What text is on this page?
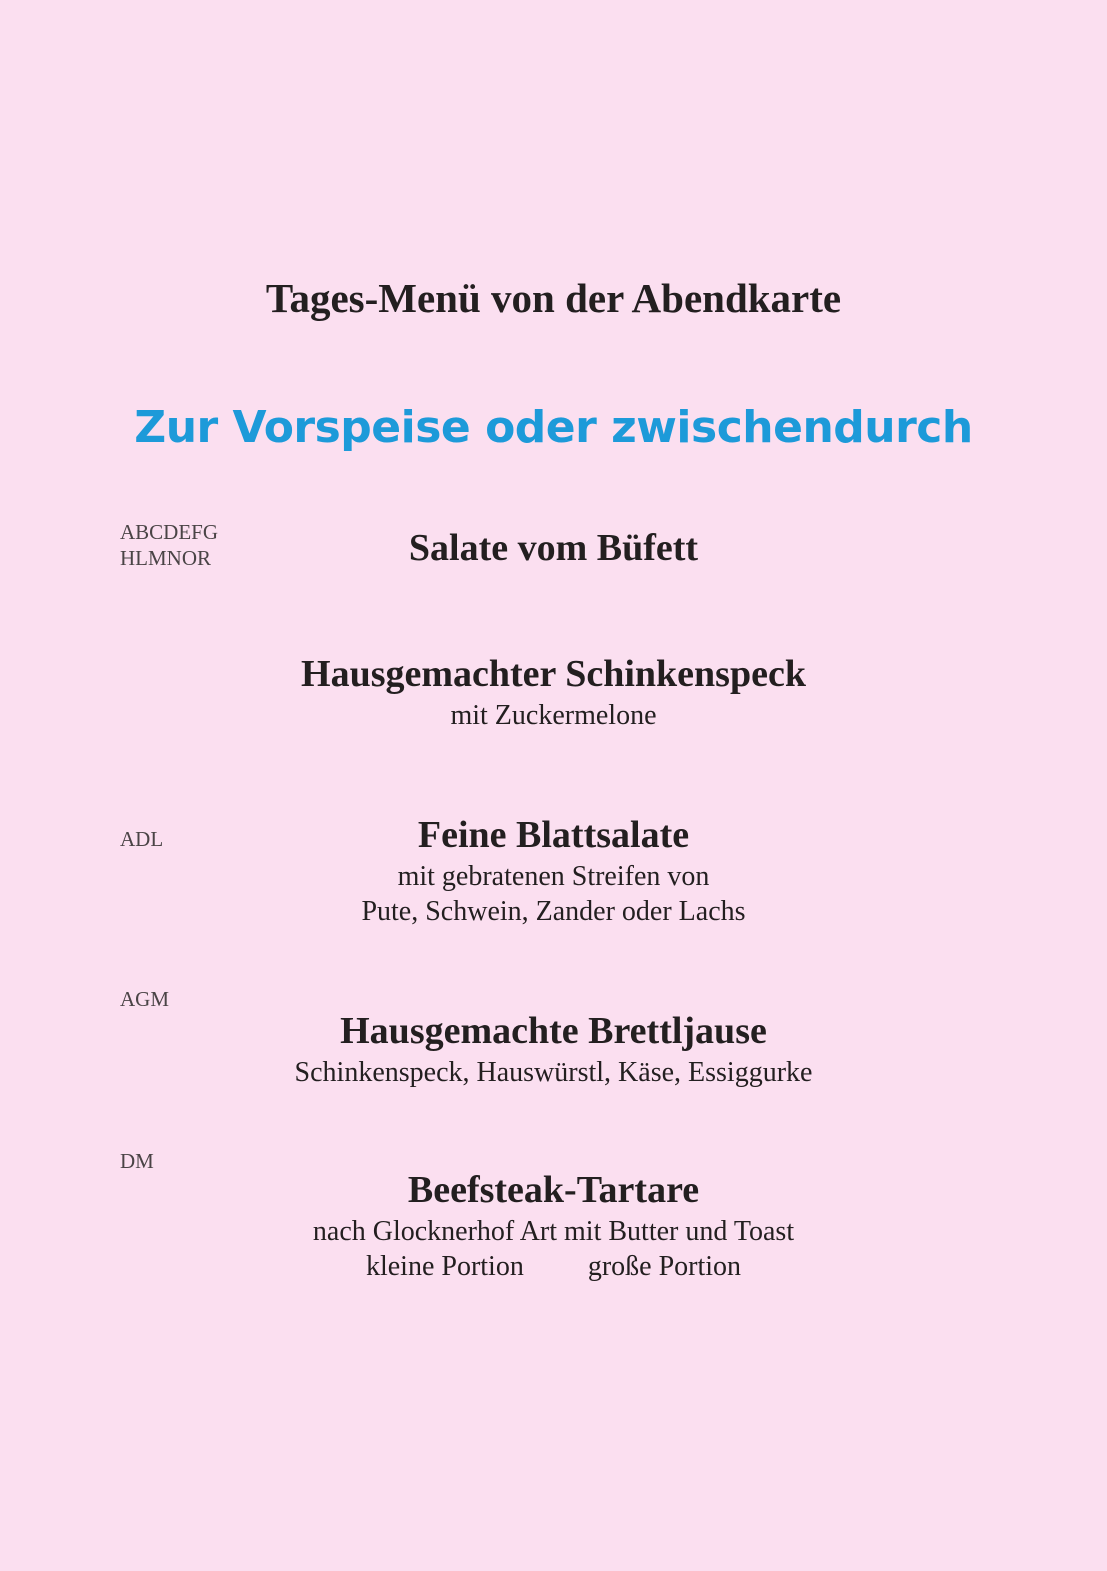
Tages-Menü von der Abendkarte
Zur Vorspeise oder zwischendurch
ABCDEFG
HLMNOR	Salate vom Büfett
Hausgemachter Schinkenspeck
mit Zuckermelone
ADL	Feine Blattsalate
mit gebratenen Streifen von
Pute, Schwein, Zander oder Lachs
AGM
Hausgemachte Brettljause
Schinkenspeck, Hauswürstl, Käse, Essiggurke
DM
Beefsteak-Tartare
nach Glocknerhof Art mit Butter und Toast
kleine Portion große Portion
